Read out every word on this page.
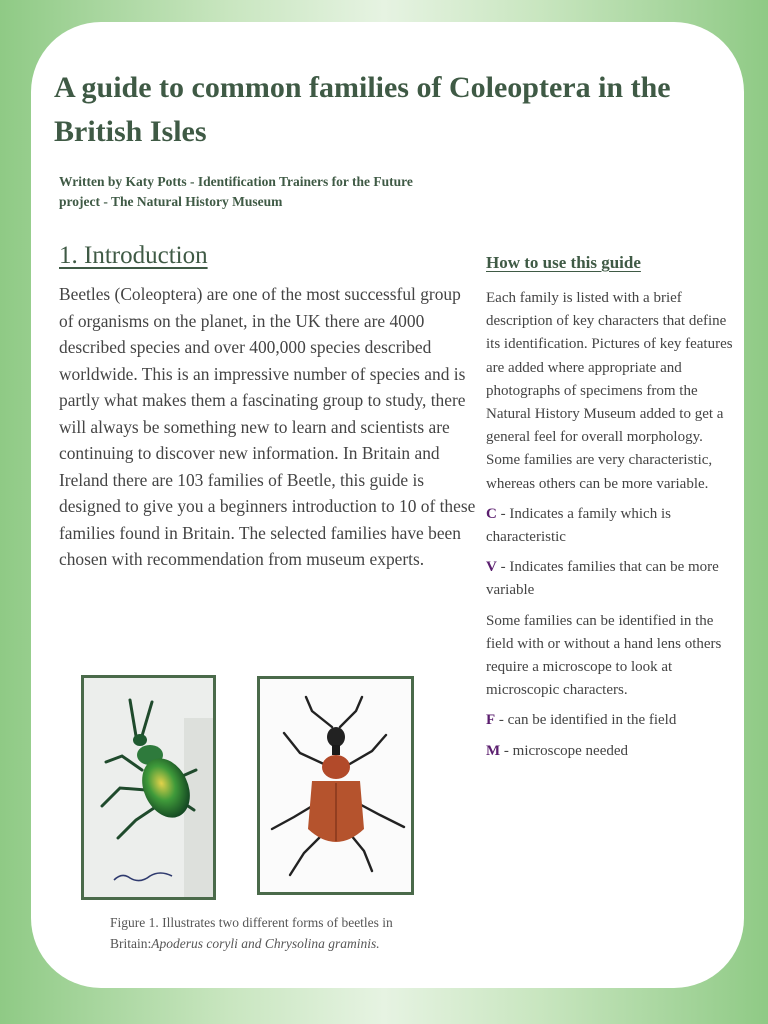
A guide to common families of Coleoptera in the British Isles

Written by Katy Potts - Identification Trainers for the Future project - The Natural History Museum

1. Introduction

Beetles (Coleoptera) are one of the most successful group of organisms on the planet, in the UK there are 4000 described species and over 400,000 species described worldwide. This is an impressive number of species and is partly what makes them a fascinating group to study, there will always be something new to learn and scientists are continuing to discover new information. In Britain and Ireland there are 103 families of Beetle, this guide is designed to give you a beginners introduction to 10 of these families found in Britain. The selected families have been chosen with recommendation from museum experts.

How to use this guide

Each family is listed with a brief description of key characters that define its identification. Pictures of key features are added where appropriate and photographs of specimens from the Natural History Museum added to get a general feel for overall morphology. Some families are very characteristic, whereas others can be more variable.

C - Indicates a family which is characteristic

V - Indicates families that can be more variable

Some families can be identified in the field with or without a hand lens others require a microscope to look at microscopic characters.

F - can be identified in the field

M - microscope needed

Figure 1. Illustrates two different forms of beetles in Britain:Apoderus coryli and Chrysolina graminis.
